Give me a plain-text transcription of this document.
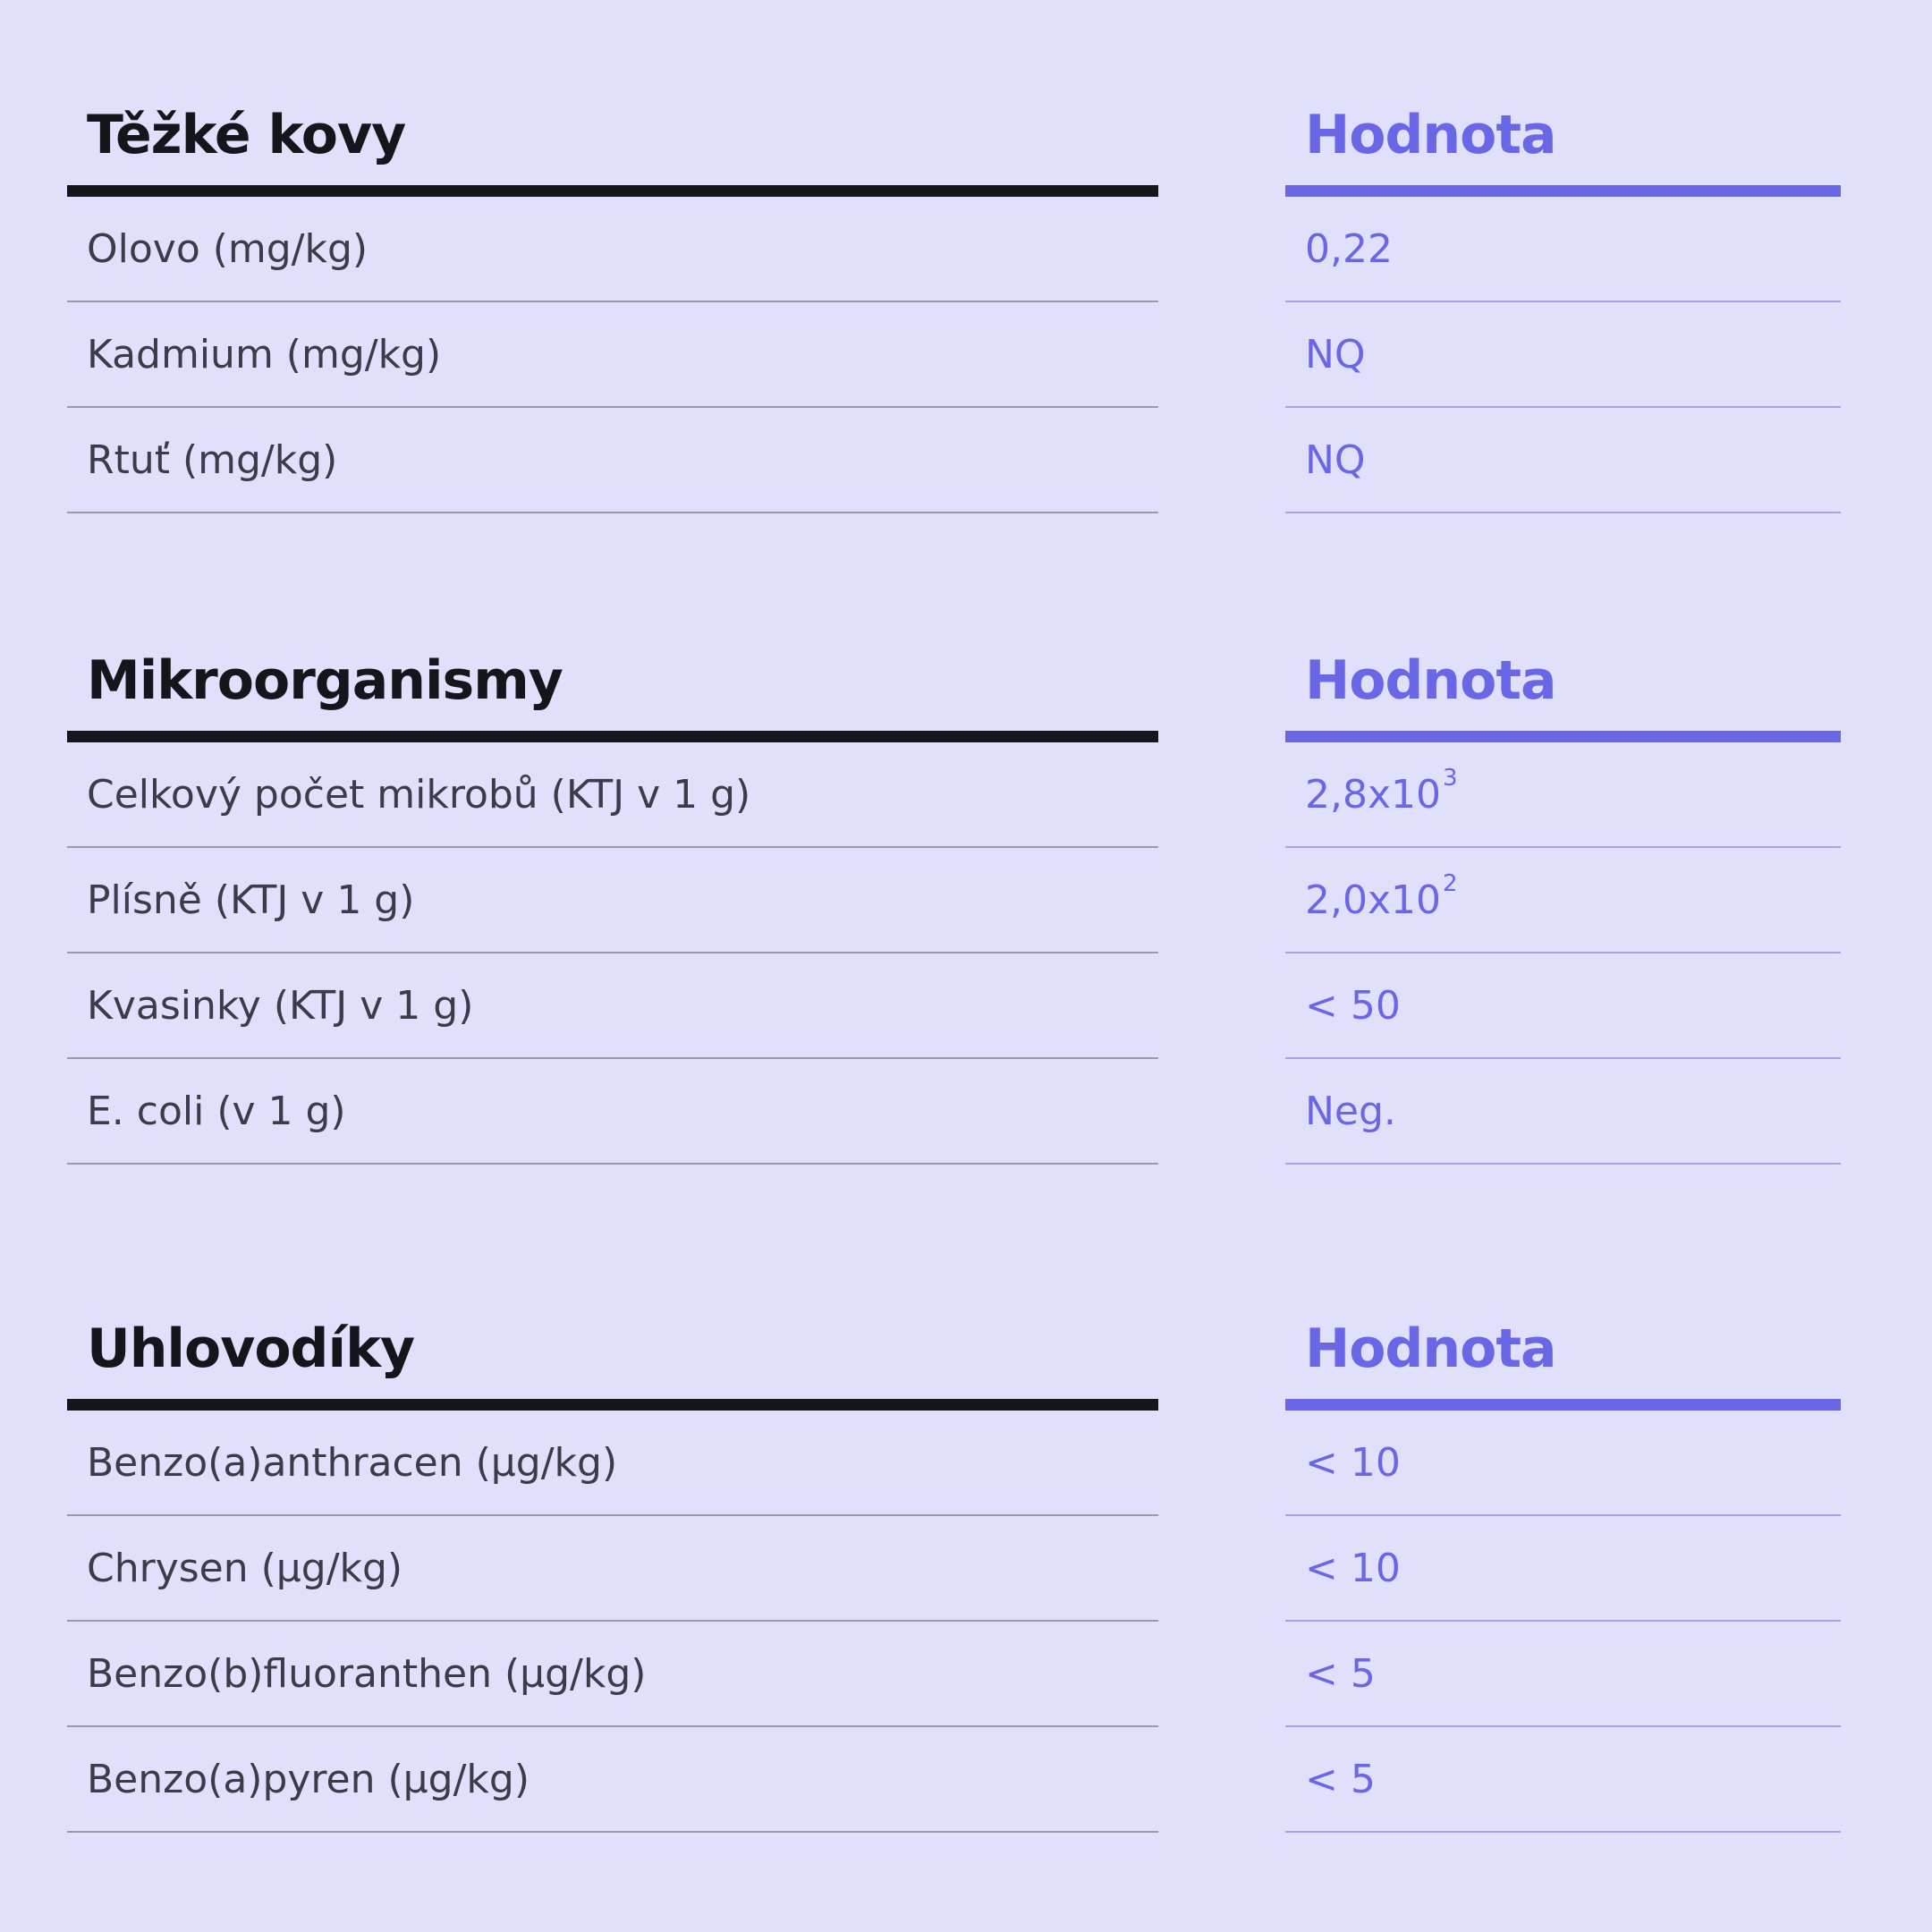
Těžké kovy
Olovo (mg/kg)
Kadmium (mg/kg)
Rtuť (mg/kg)
Hodnota
0,22
NQ
NQ
Mikroorganismy
Celkový počet mikrobů (KTJ v 1 g)
Plísně (KTJ v 1 g)
Kvasinky (KTJ v 1 g)
E. coli (v 1 g)
Hodnota
2,8x10 3
2,0x10 2
< 50
Neg.
Uhlovodíky
Benzo(a)anthracen (µg/kg)
Chrysen (µg/kg)
Benzo(b)fluoranthen (µg/kg)
Benzo(a)pyren (µg/kg)
Hodnota
< 10
< 10
< 5
< 5
